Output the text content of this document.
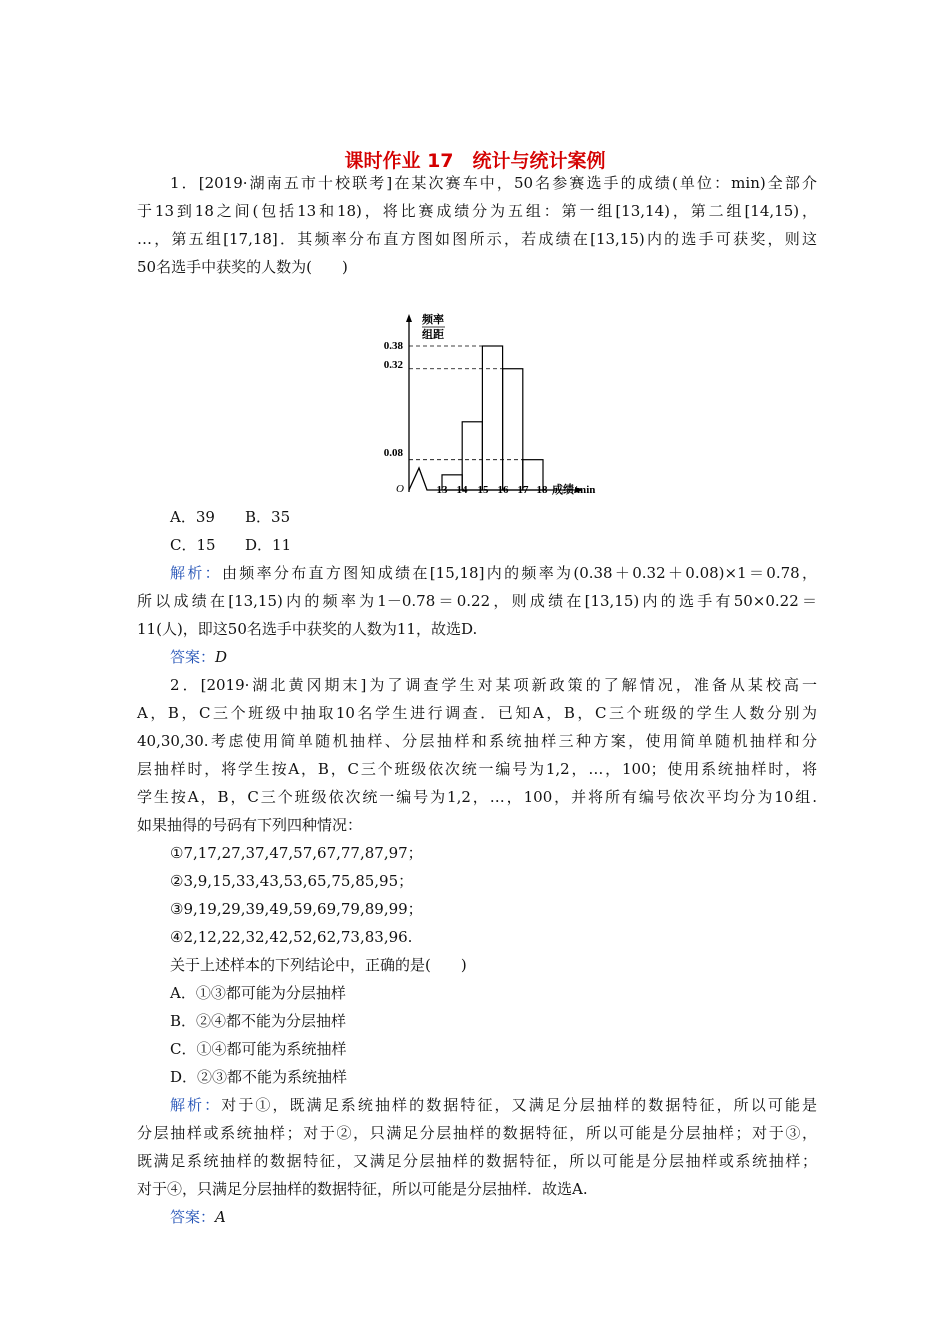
课时作业 17　统计与统计案例
1．[2019·湖南五市十校联考]在某次赛车中，50名参赛选手的成绩(单位：min)全部介
于13到18之间(包括13和18)，将比赛成绩分为五组：第一组[13,14)，第二组[14,15)，
…，第五组[17,18]．其频率分布直方图如图所示，若成绩在[13,15)内的选手可获奖，则这
50名选手中获奖的人数为(　　)
频率
组距
0.38
0.32
0.08
O	13 14 15 16 17 18 成绩/min
A．39 B．35
C．15 D．11
解析：由频率分布直方图知成绩在[15,18]内的频率为(0.38＋0.32＋0.08)×1＝0.78，
所以成绩在[13,15)内的频率为1－0.78＝0.22，则成绩在[13,15)内的选手有50×0.22＝
11(人)，即这50名选手中获奖的人数为11，故选D.
答案：D
2．[2019·湖北黄冈期末]为了调查学生对某项新政策的了解情况，准备从某校高一
A，B，C三个班级中抽取10名学生进行调查．已知A，B，C三个班级的学生人数分别为
40,30,30.考虑使用简单随机抽样、分层抽样和系统抽样三种方案，使用简单随机抽样和分
层抽样时，将学生按A，B，C三个班级依次统一编号为1,2，…，100；使用系统抽样时，将
学生按A，B，C三个班级依次统一编号为1,2，…，100，并将所有编号依次平均分为10组.
如果抽得的号码有下列四种情况：
①7,17,27,37,47,57,67,77,87,97；
②3,9,15,33,43,53,65,75,85,95；
③9,19,29,39,49,59,69,79,89,99；
④2,12,22,32,42,52,62,73,83,96.
关于上述样本的下列结论中，正确的是(　　)
A．①③都可能为分层抽样
B．②④都不能为分层抽样
C．①④都可能为系统抽样
D．②③都不能为系统抽样
解析：对于①，既满足系统抽样的数据特征，又满足分层抽样的数据特征，所以可能是
分层抽样或系统抽样；对于②，只满足分层抽样的数据特征，所以可能是分层抽样；对于③，
既满足系统抽样的数据特征，又满足分层抽样的数据特征，所以可能是分层抽样或系统抽样；
对于④，只满足分层抽样的数据特征，所以可能是分层抽样．故选A.
答案：A
